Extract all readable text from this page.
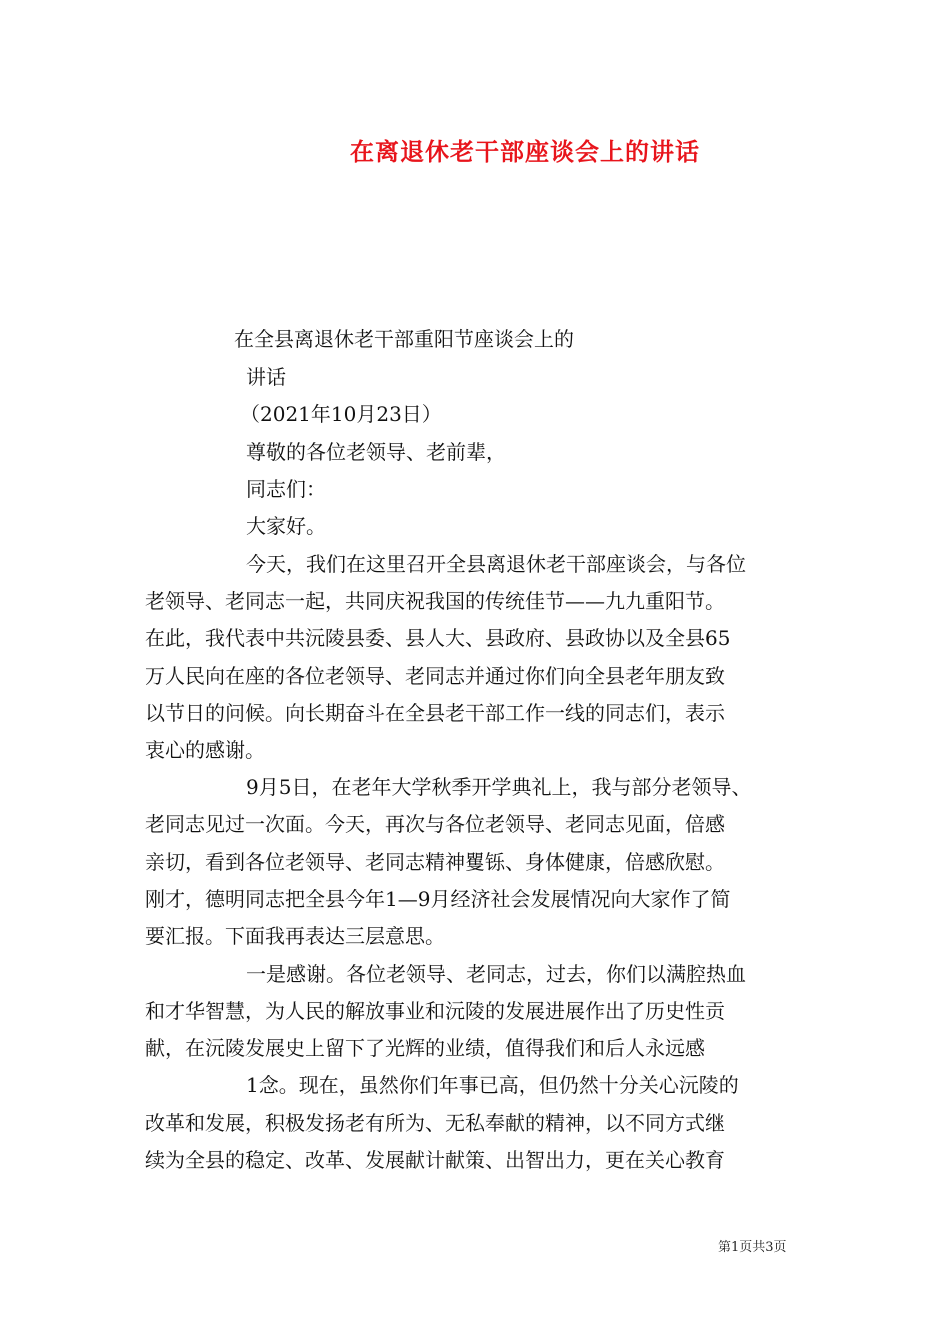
在离退休老干部座谈会上的讲话
在全县离退休老干部重阳节座谈会上的
讲话
（2021年10月23日）
尊敬的各位老领导、老前辈，
同志们：
大家好。
今天，我们在这里召开全县离退休老干部座谈会，与各位
老领导、老同志一起，共同庆祝我国的传统佳节——九九重阳节。
在此，我代表中共沅陵县委、县人大、县政府、县政协以及全县65
万人民向在座的各位老领导、老同志并通过你们向全县老年朋友致
以节日的问候。向长期奋斗在全县老干部工作一线的同志们，表示
衷心的感谢。
9月5日，在老年大学秋季开学典礼上，我与部分老领导、
老同志见过一次面。今天，再次与各位老领导、老同志见面，倍感
亲切，看到各位老领导、老同志精神矍铄、身体健康，倍感欣慰。
刚才，德明同志把全县今年1—9月经济社会发展情况向大家作了简
要汇报。下面我再表达三层意思。
一是感谢。各位老领导、老同志，过去，你们以满腔热血
和才华智慧，为人民的解放事业和沅陵的发展进展作出了历史性贡
献，在沅陵发展史上留下了光辉的业绩，值得我们和后人永远感
1念。现在，虽然你们年事已高，但仍然十分关心沅陵的
改革和发展，积极发扬老有所为、无私奉献的精神，以不同方式继
续为全县的稳定、改革、发展献计献策、出智出力，更在关心教育
第1页共3页
